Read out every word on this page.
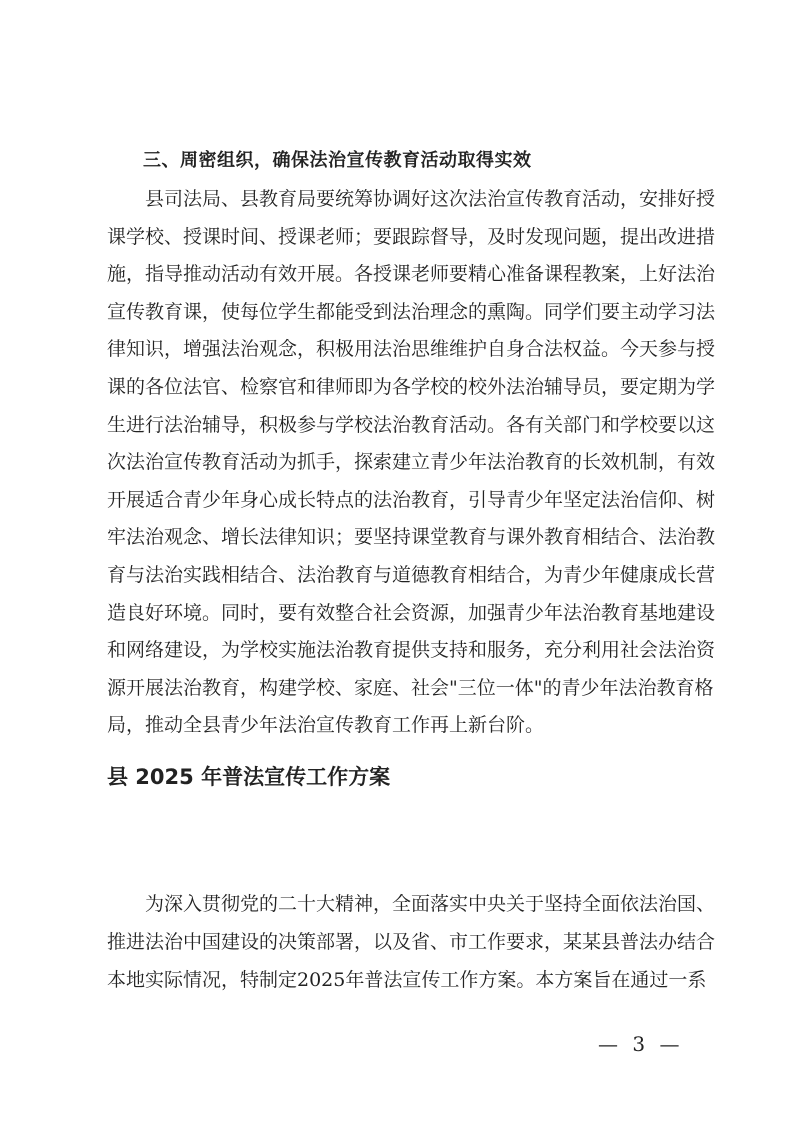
三、周密组织，确保法治宣传教育活动取得实效
县司法局、县教育局要统筹协调好这次法治宣传教育活动，安排好授
课学校、授课时间、授课老师；要跟踪督导，及时发现问题，提出改进措
施，指导推动活动有效开展。各授课老师要精心准备课程教案，上好法治
宣传教育课，使每位学生都能受到法治理念的熏陶。同学们要主动学习法
律知识，增强法治观念，积极用法治思维维护自身合法权益。今天参与授
课的各位法官、检察官和律师即为各学校的校外法治辅导员，要定期为学
生进行法治辅导，积极参与学校法治教育活动。各有关部门和学校要以这
次法治宣传教育活动为抓手，探索建立青少年法治教育的长效机制，有效
开展适合青少年身心成长特点的法治教育，引导青少年坚定法治信仰、树
牢法治观念、增长法律知识；要坚持课堂教育与课外教育相结合、法治教
育与法治实践相结合、法治教育与道德教育相结合，为青少年健康成长营
造良好环境。同时，要有效整合社会资源，加强青少年法治教育基地建设
和网络建设，为学校实施法治教育提供支持和服务，充分利用社会法治资
源开展法治教育，构建学校、家庭、社会"三位一体"的青少年法治教育格
局，推动全县青少年法治宣传教育工作再上新台阶。
县 2025 年普法宣传工作方案
为深入贯彻党的二十大精神，全面落实中央关于坚持全面依法治国、
推进法治中国建设的决策部署，以及省、市工作要求，某某县普法办结合
本地实际情况，特制定2025年普法宣传工作方案。本方案旨在通过一系
— 3 —
